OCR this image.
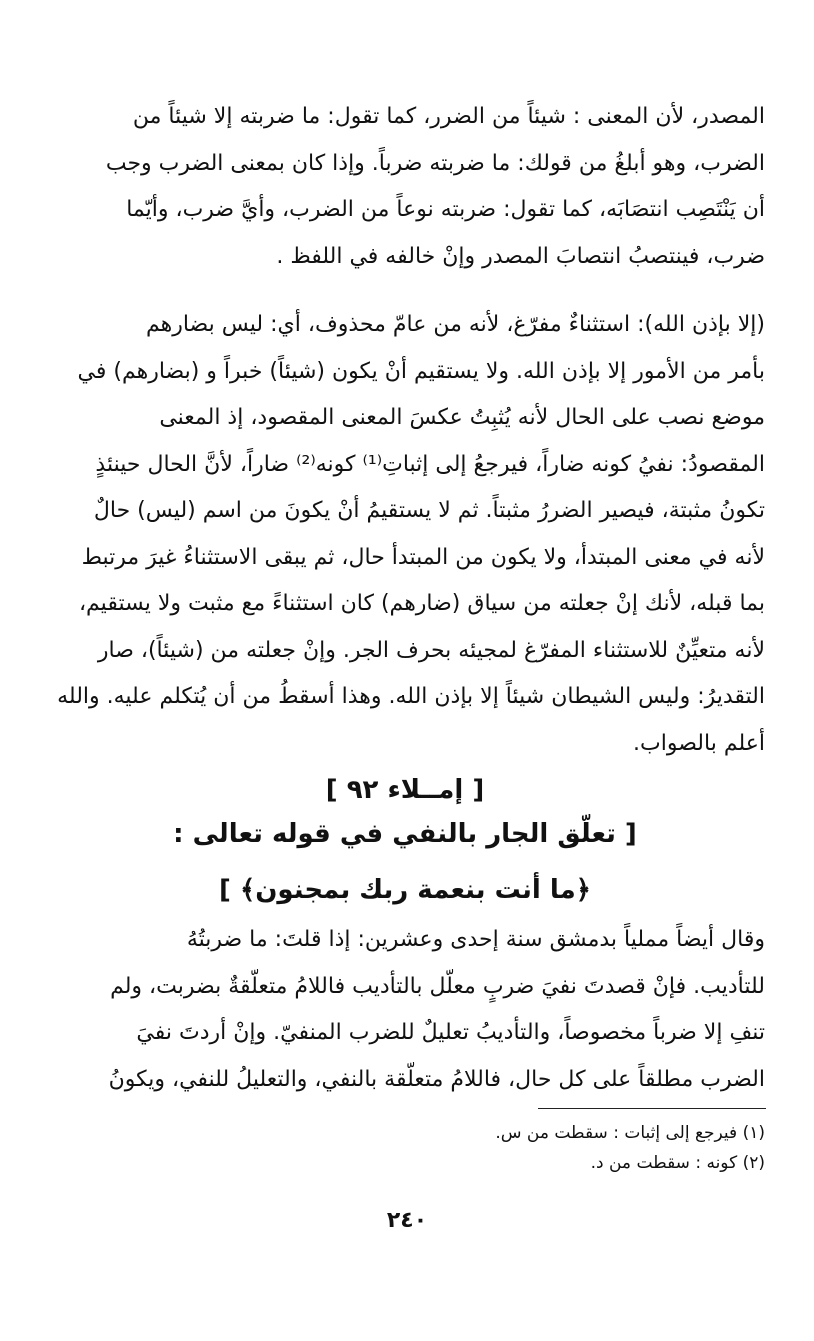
المصدر، لأن المعنى : شيئاً من الضرر، كما تقول: ما ضربته إلا شيئاً من
الضرب، وهو أبلغُ من قولك: ما ضربته ضرباً. وإذا كان بمعنى الضرب وجب
أن يَنْتَصِب انتصَابَه، كما تقول: ضربته نوعاً من الضرب، وأيَّ ضرب، وأيّما
ضرب، فينتصبُ انتصابَ المصدر وإنْ خالفه في اللفظ .
(إلا بإذن الله): استثناءٌ مفرّغ، لأنه من عامّ محذوف، أي: ليس بضارهم
بأمر من الأمور إلا بإذن الله. ولا يستقيم أنْ يكون (شيئاً) خبراً و (بضارهم) في
موضع نصب على الحال لأنه يُثبِتُ عكسَ المعنى المقصود، إذ المعنى
المقصودُ: نفيُ كونه ضاراً، فيرجعُ إلى إثباتِ⁽¹⁾ كونه⁽²⁾ ضاراً، لأنَّ الحال حينئذٍ
تكونُ مثبتة، فيصير الضررُ مثبتاً. ثم لا يستقيمُ أنْ يكونَ من اسم (ليس) حالٌ
لأنه في معنى المبتدأ، ولا يكون من المبتدأ حال، ثم يبقى الاستثناءُ غيرَ مرتبط
بما قبله، لأنك إنْ جعلته من سياق (ضارهم) كان استثناءً مع مثبت ولا يستقيم،
لأنه متعيِّنٌ للاستثناء المفرّغ لمجيئه بحرف الجر. وإنْ جعلته من (شيئاً)، صار
التقديرُ: وليس الشيطان شيئاً إلا بإذن الله. وهذا أسقطُ من أن يُتكلم عليه. والله
أعلم بالصواب.
[ إمــلاء ٩٢ ]
[ تعلّق الجار بالنفي في قوله تعالى :
﴿ما أنت بنعمة ربك بمجنون﴾ ]
وقال أيضاً مملياً بدمشق سنة إحدى وعشرين: إذا قلتَ: ما ضربتُهُ
للتأديب. فإنْ قصدتَ نفيَ ضربٍ معلّل بالتأديب فاللامُ متعلّقةٌ بضربت، ولم
تنفِ إلا ضرباً مخصوصاً، والتأديبُ تعليلٌ للضرب المنفيّ. وإنْ أردتَ نفيَ
الضرب مطلقاً على كل حال، فاللامُ متعلّقة بالنفي، والتعليلُ للنفي، ويكونُ
(١) فيرجع إلى إثبات : سقطت من س.
(٢) كونه : سقطت من د.
٢٤٠
